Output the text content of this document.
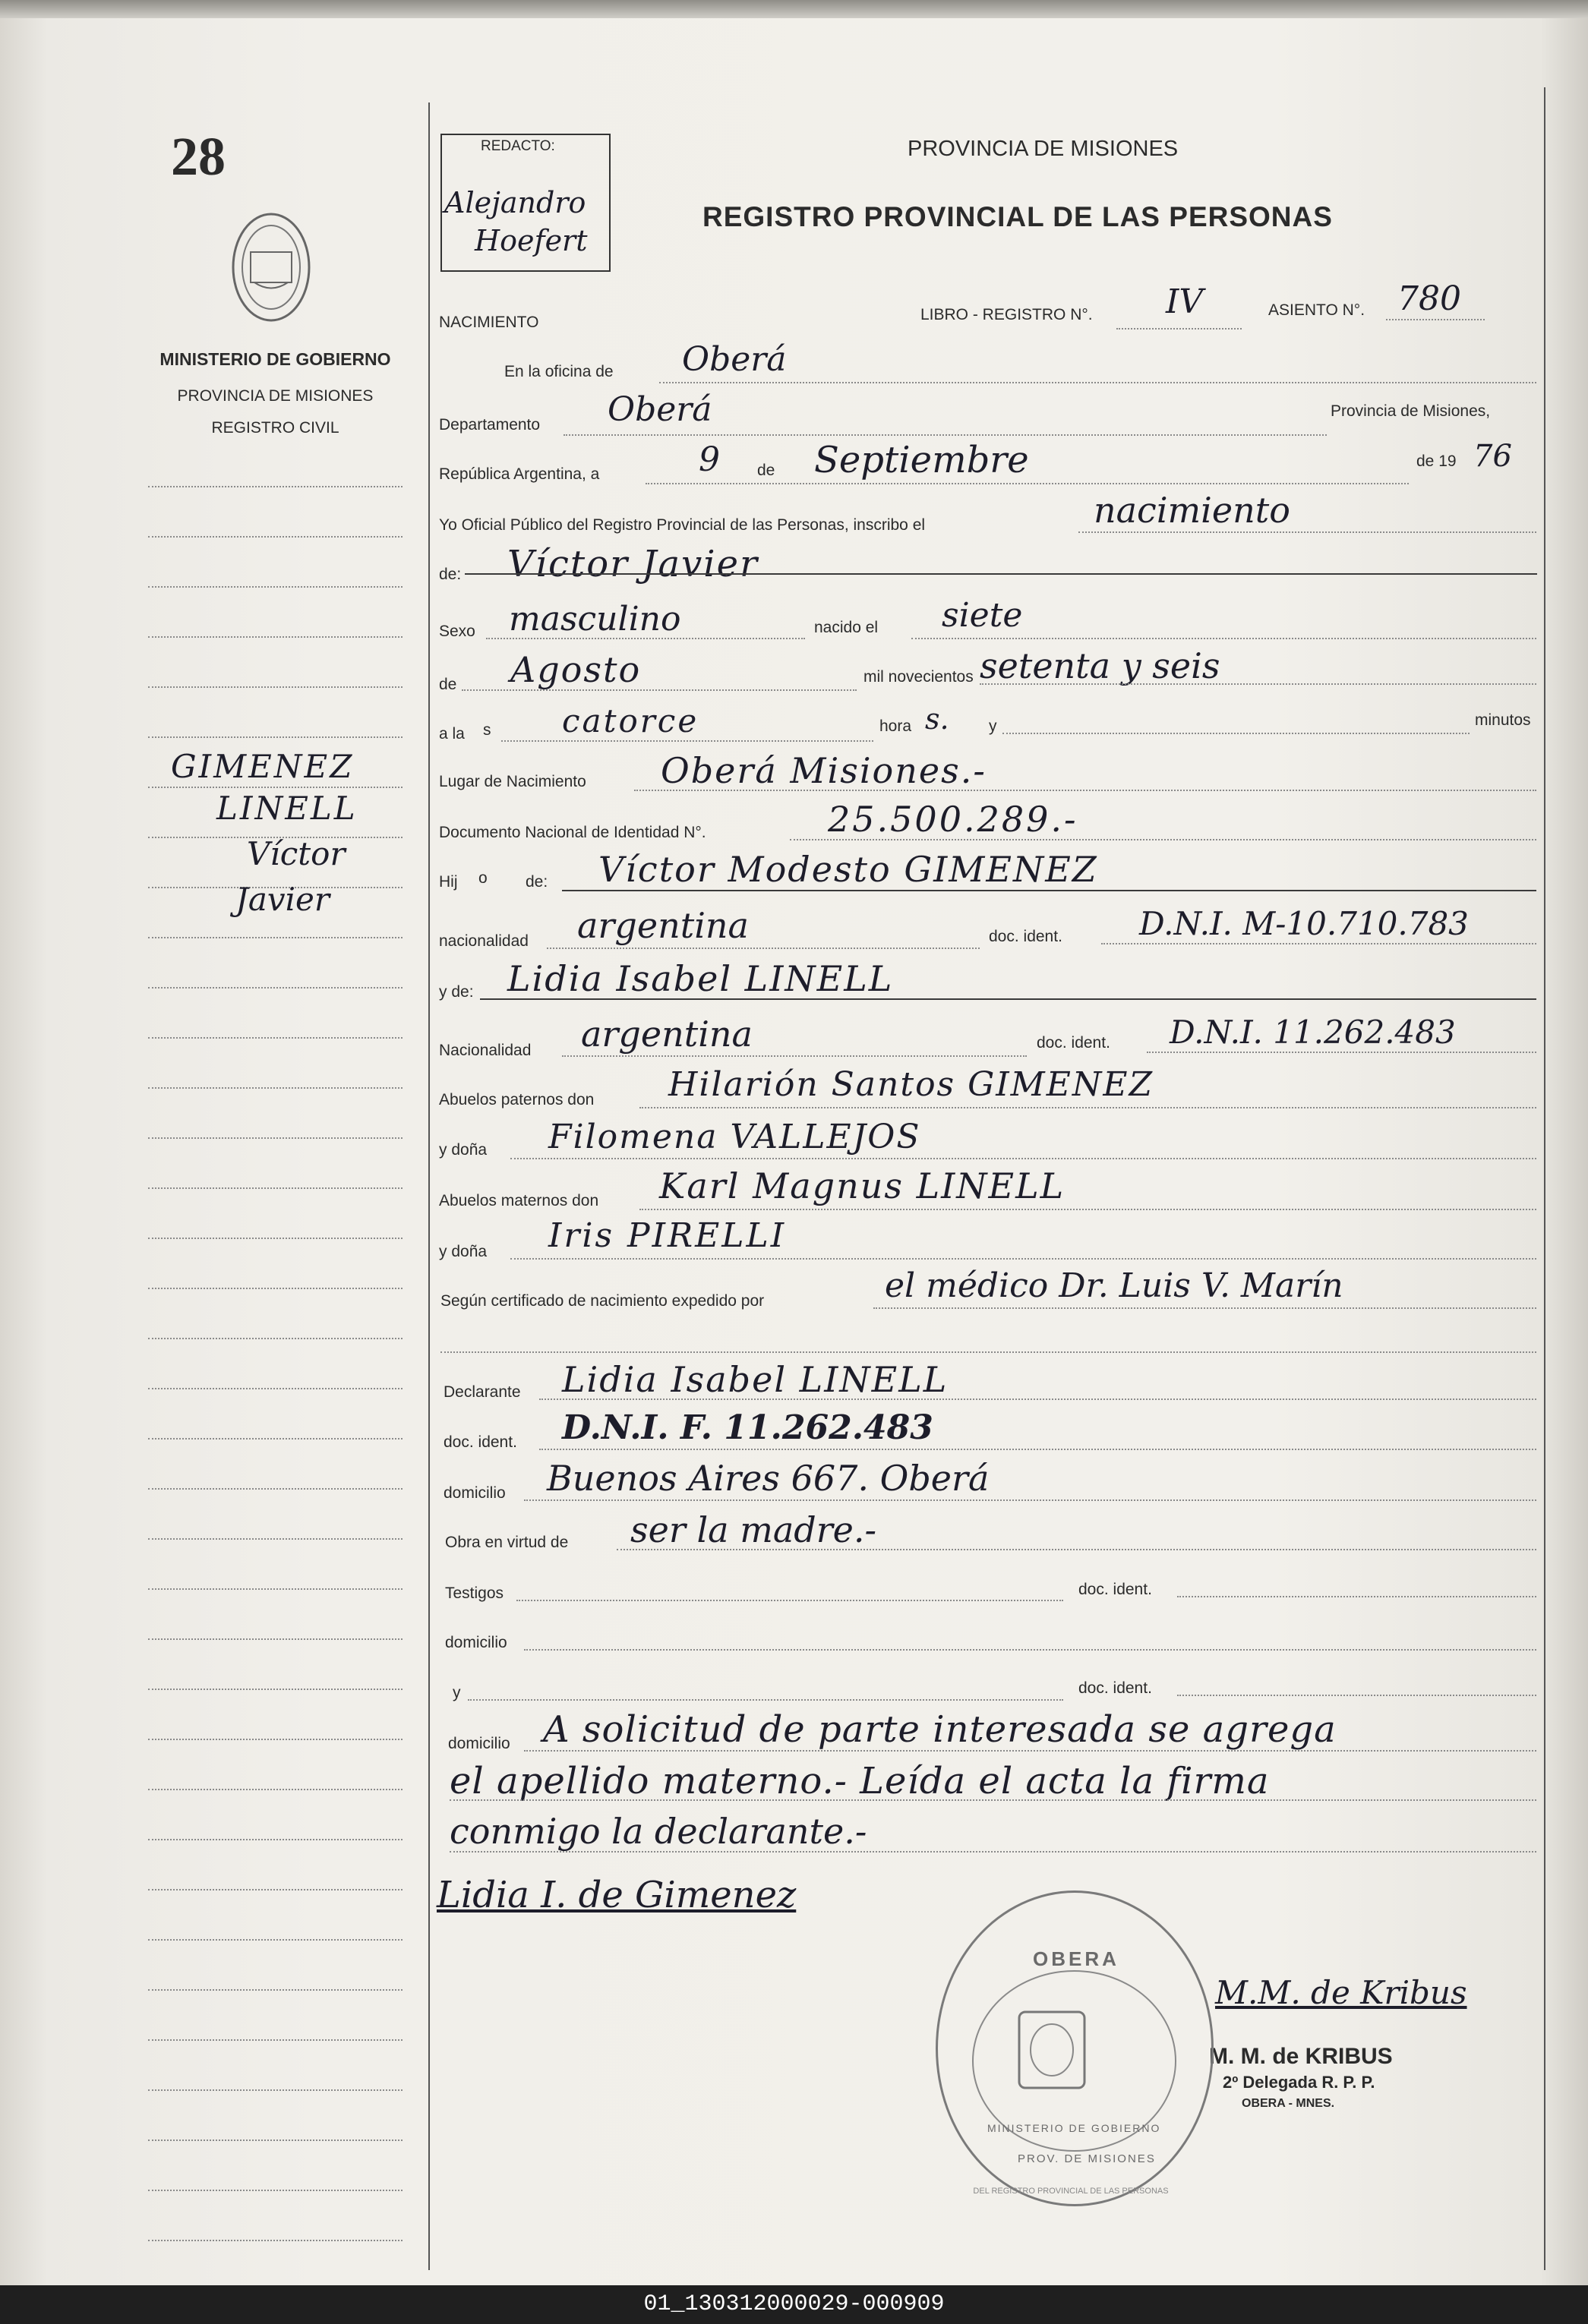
28
MINISTERIO DE GOBIERNO
PROVINCIA DE MISIONES
REGISTRO CIVIL
REDACTO:
Alejandro
Hoefert
PROVINCIA DE MISIONES
REGISTRO PROVINCIAL DE LAS PERSONAS
NACIMIENTO	LIBRO - REGISTRO N°. IV	ASIENTO N°. 780
GIMENEZ
LINELL
Víctor
Javier
En la oficina de Oberá
Departamento Oberá	Provincia de Misiones,
República Argentina, a	9 de Septiembre	de 19 76
Yo Oficial Público del Registro Provincial de las Personas, inscribo el	nacimiento
de: Víctor Javier
Sexo masculino	nacido el siete
de Agosto	mil novecientos setenta y seis
a la s catorce	hora s. y	minutos
Lugar de Nacimiento Oberá Misiones.-
Documento Nacional de Identidad N°.	25.500.289.-
Hij o de: Víctor Modesto GIMENEZ
nacionalidad argentina	doc. ident. D.N.I. M-10.710.783
y de: Lidia Isabel LINELL
Nacionalidad argentina	doc. ident. D.N.I. 11.262.483
Abuelos paternos don Hilarión Santos GIMENEZ
y doña Filomena VALLEJOS
Abuelos maternos don Karl Magnus LINELL
y doña Iris PIRELLI
Según certificado de nacimiento expedido por	el médico Dr. Luis V. Marín
Declarante Lidia Isabel LINELL
doc. ident. D.N.I. F. 11.262.483
domicilio Buenos Aires 667. Oberá
Obra en virtud de ser la madre.-
Testigos	doc. ident.
domicilio
y	doc. ident.
domicilio A solicitud de parte interesada se agrega
el apellido materno.- Leída el acta la firma
conmigo la declarante.-
Lidia I. de Gimenez
M.M. de Kribus
M. M. de KRIBUS
2º Delegada R. P. P.
OBERA - MNES.
OBERA
DEL REGISTRO PROVINCIAL DE LAS PERSONAS
MINISTERIO DE GOBIERNO
PROV. DE MISIONES
01_130312000029-000909
